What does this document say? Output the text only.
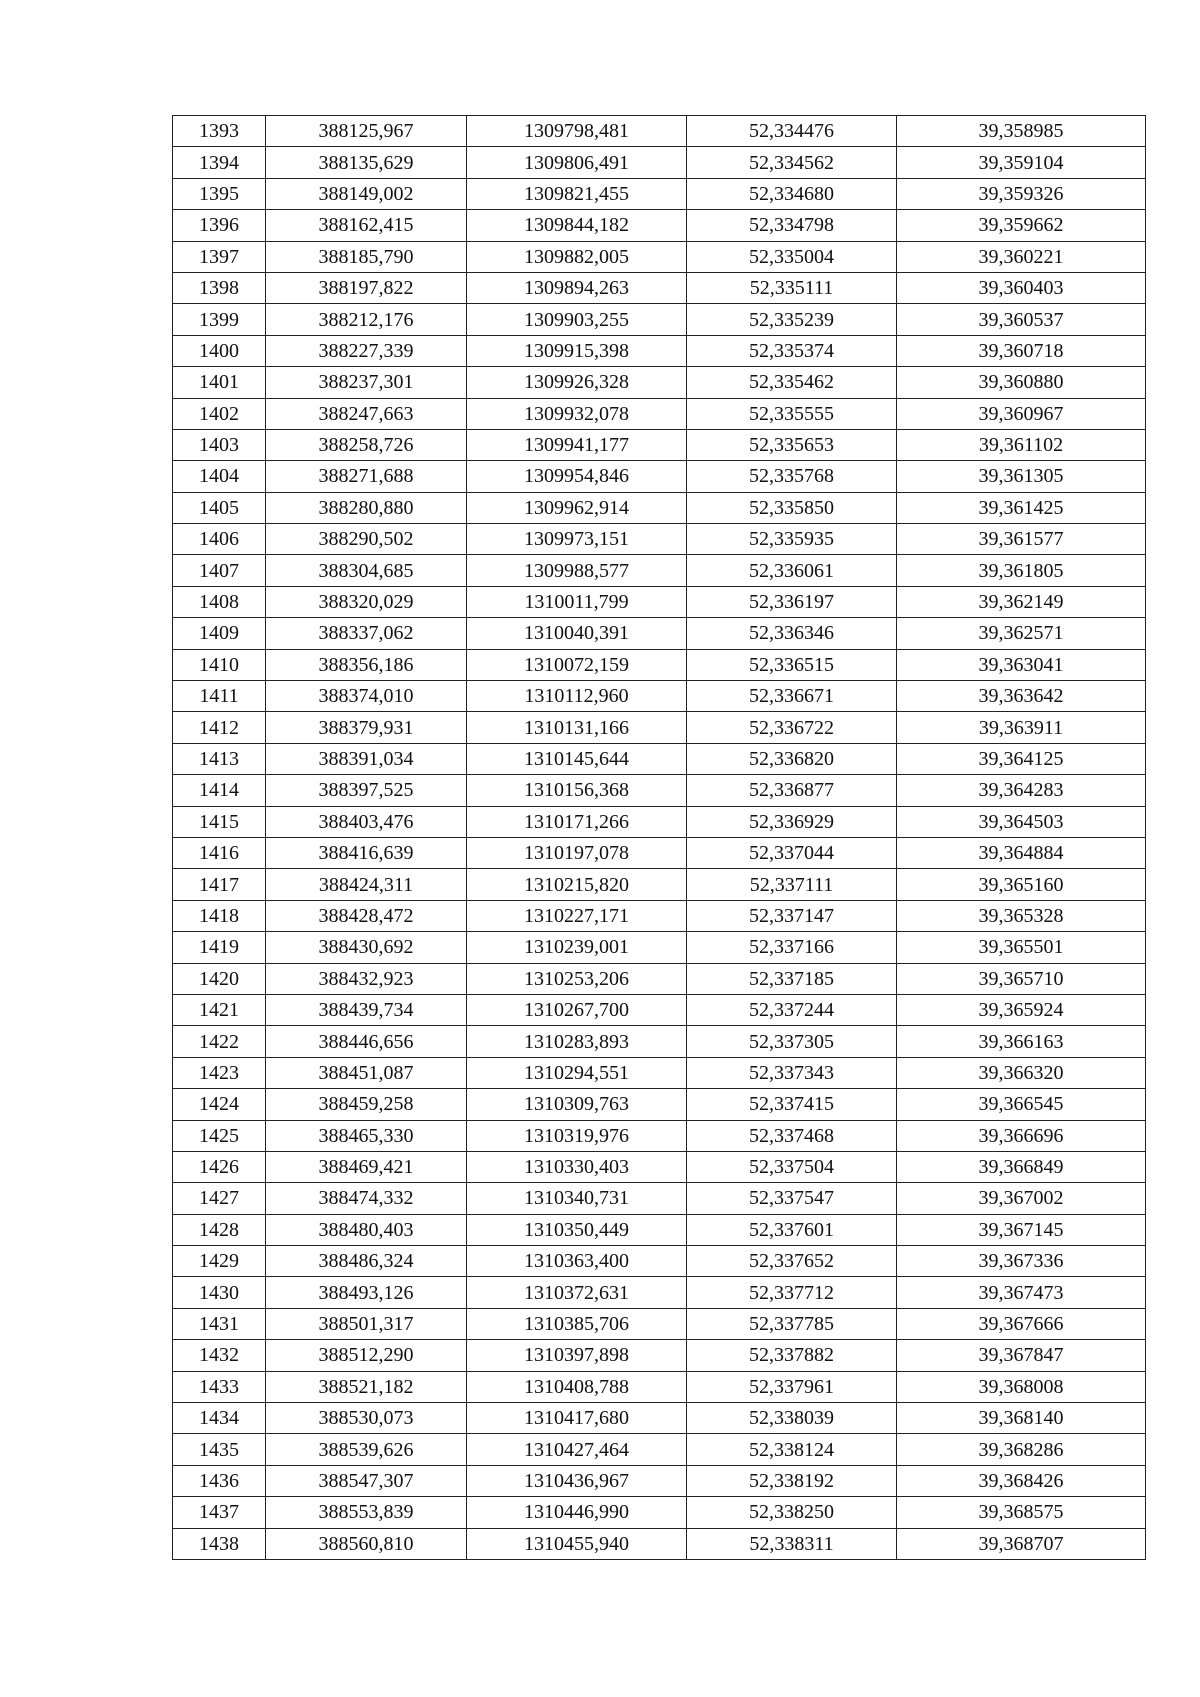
1393	388125,967	1309798,481	52,334476	39,358985
1394	388135,629	1309806,491	52,334562	39,359104
1395	388149,002	1309821,455	52,334680	39,359326
1396	388162,415	1309844,182	52,334798	39,359662
1397	388185,790	1309882,005	52,335004	39,360221
1398	388197,822	1309894,263	52,335111	39,360403
1399	388212,176	1309903,255	52,335239	39,360537
1400	388227,339	1309915,398	52,335374	39,360718
1401	388237,301	1309926,328	52,335462	39,360880
1402	388247,663	1309932,078	52,335555	39,360967
1403	388258,726	1309941,177	52,335653	39,361102
1404	388271,688	1309954,846	52,335768	39,361305
1405	388280,880	1309962,914	52,335850	39,361425
1406	388290,502	1309973,151	52,335935	39,361577
1407	388304,685	1309988,577	52,336061	39,361805
1408	388320,029	1310011,799	52,336197	39,362149
1409	388337,062	1310040,391	52,336346	39,362571
1410	388356,186	1310072,159	52,336515	39,363041
1411	388374,010	1310112,960	52,336671	39,363642
1412	388379,931	1310131,166	52,336722	39,363911
1413	388391,034	1310145,644	52,336820	39,364125
1414	388397,525	1310156,368	52,336877	39,364283
1415	388403,476	1310171,266	52,336929	39,364503
1416	388416,639	1310197,078	52,337044	39,364884
1417	388424,311	1310215,820	52,337111	39,365160
1418	388428,472	1310227,171	52,337147	39,365328
1419	388430,692	1310239,001	52,337166	39,365501
1420	388432,923	1310253,206	52,337185	39,365710
1421	388439,734	1310267,700	52,337244	39,365924
1422	388446,656	1310283,893	52,337305	39,366163
1423	388451,087	1310294,551	52,337343	39,366320
1424	388459,258	1310309,763	52,337415	39,366545
1425	388465,330	1310319,976	52,337468	39,366696
1426	388469,421	1310330,403	52,337504	39,366849
1427	388474,332	1310340,731	52,337547	39,367002
1428	388480,403	1310350,449	52,337601	39,367145
1429	388486,324	1310363,400	52,337652	39,367336
1430	388493,126	1310372,631	52,337712	39,367473
1431	388501,317	1310385,706	52,337785	39,367666
1432	388512,290	1310397,898	52,337882	39,367847
1433	388521,182	1310408,788	52,337961	39,368008
1434	388530,073	1310417,680	52,338039	39,368140
1435	388539,626	1310427,464	52,338124	39,368286
1436	388547,307	1310436,967	52,338192	39,368426
1437	388553,839	1310446,990	52,338250	39,368575
1438	388560,810	1310455,940	52,338311	39,368707
